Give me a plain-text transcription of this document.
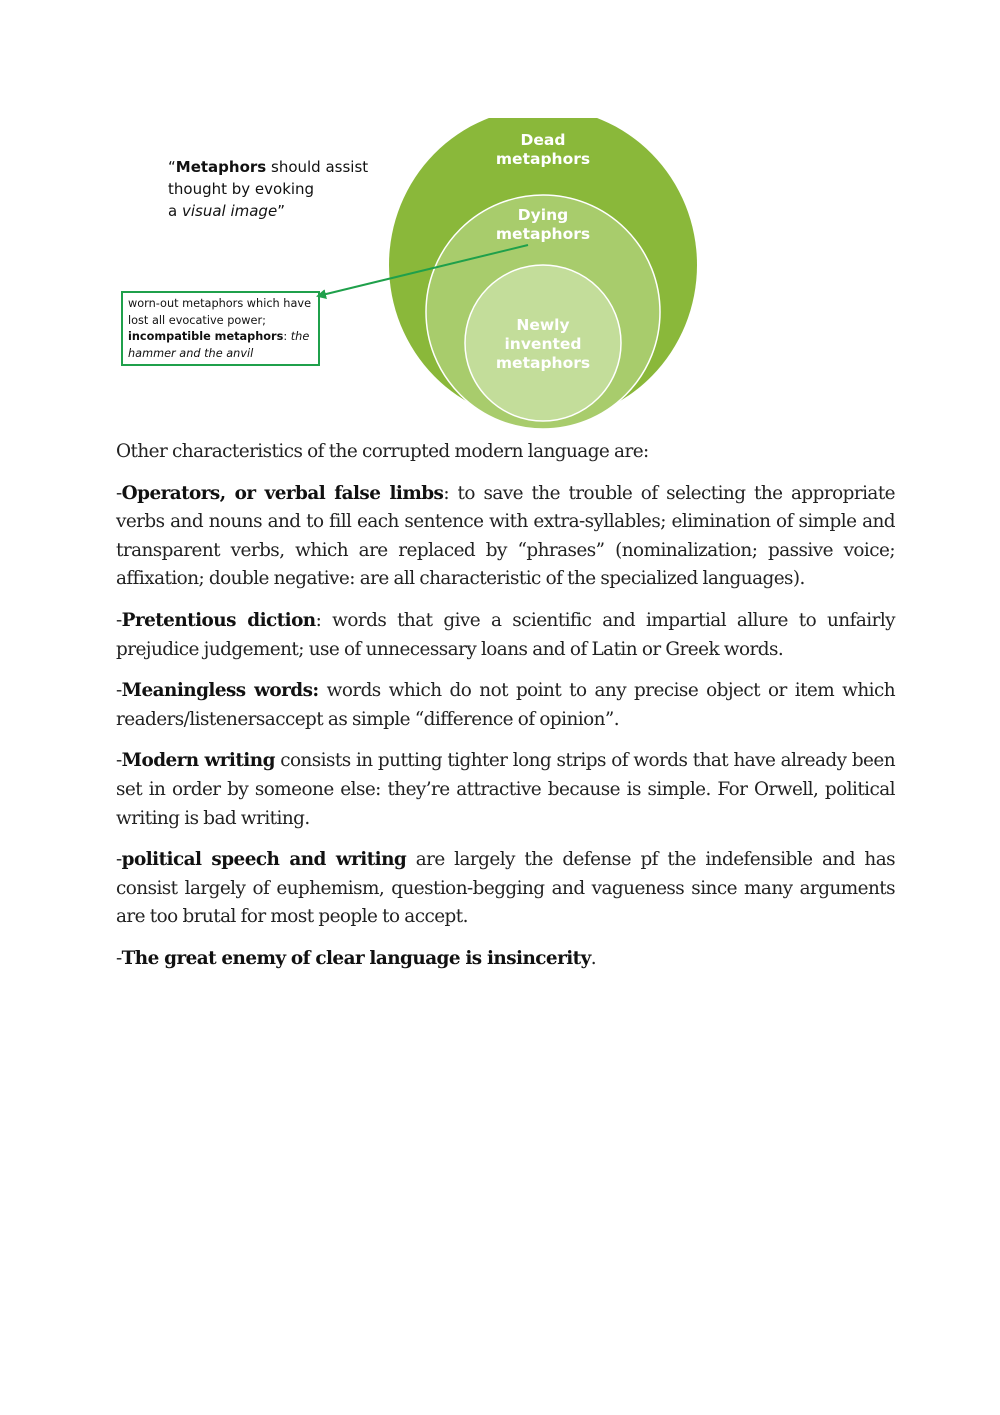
“Metaphors should assist
thought by evoking
a visual image”
worn-out metaphors which have
lost all evocative power;
incompatible metaphors: the
hammer and the anvil
Dead
metaphors
Dying
metaphors
Newly
invented
metaphors

Other characteristics of the corrupted modern language are:

-Operators, or verbal false limbs: to save the trouble of selecting the appropriate verbs and nouns and to fill each sentence with extra-syllables; elimination of simple and transparent verbs, which are replaced by “phrases” (nominalization; passive voice; affixation; double negative: are all characteristic of the specialized languages).

-Pretentious diction: words that give a scientific and impartial allure to unfairly prejudice judgement; use of unnecessary loans and of Latin or Greek words.

-Meaningless words: words which do not point to any precise object or item which readers/listenersaccept as simple “difference of opinion”.

-Modern writing consists in putting tighter long strips of words that have already been set in order by someone else: they’re attractive because is simple. For Orwell, political writing is bad writing.

-political speech and writing are largely the defense pf the indefensible and has consist largely of euphemism, question-begging and vagueness since many arguments are too brutal for most people to accept.

-The great enemy of clear language is insincerity.
